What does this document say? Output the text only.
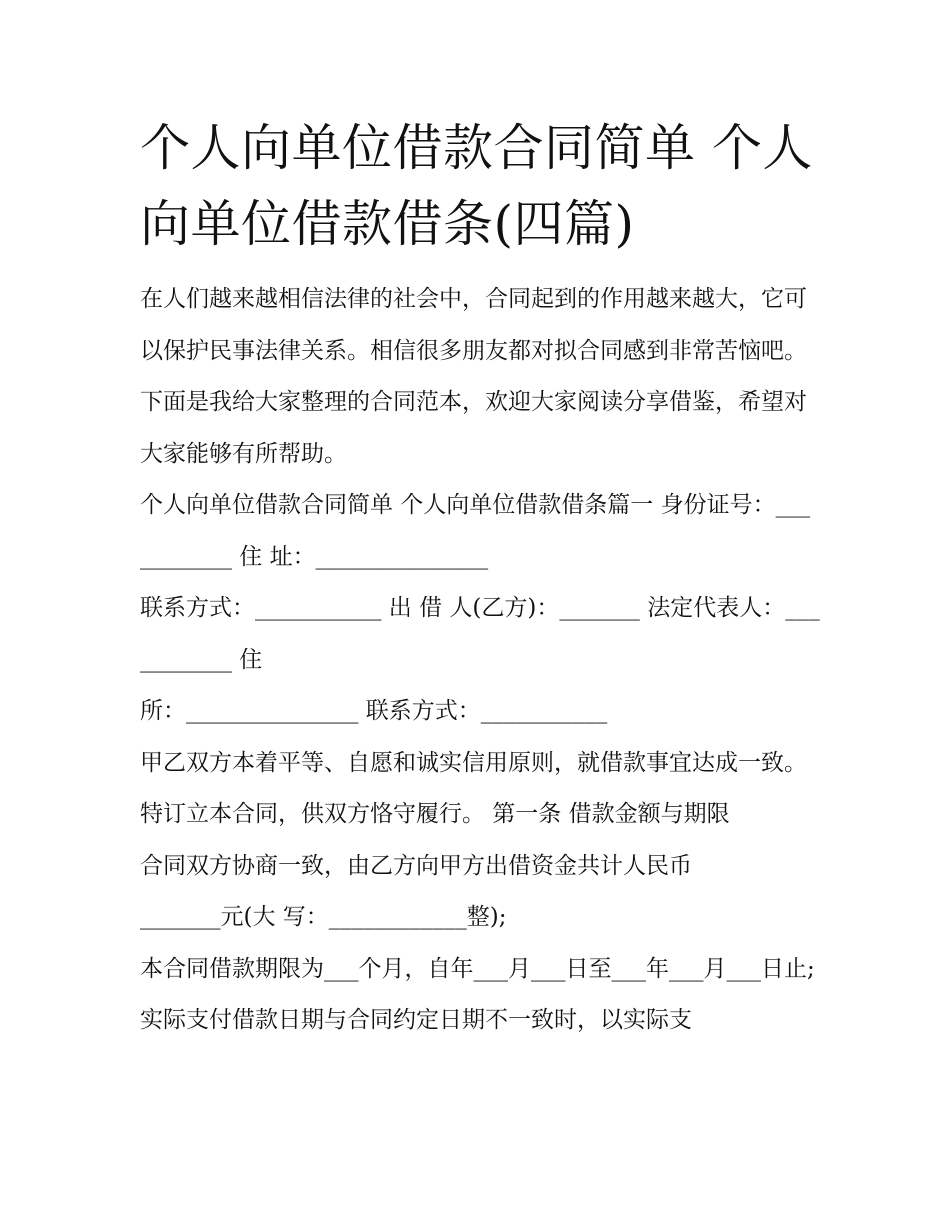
个人向单位借款合同简单 个人向单位借款借条(四篇)

在人们越来越相信法律的社会中，合同起到的作用越来越大，它可以保护民事法律关系。相信很多朋友都对拟合同感到非常苦恼吧。下面是我给大家整理的合同范本，欢迎大家阅读分享借鉴，希望对大家能够有所帮助。

个人向单位借款合同简单 个人向单位借款借条篇一 身份证号：___________ 住 址：_______________

联系方式：___________ 出 借 人(乙方)：_______ 法定代表人：___________ 住

所：_______________ 联系方式：___________

甲乙双方本着平等、自愿和诚实信用原则，就借款事宜达成一致。特订立本合同，供双方恪守履行。 第一条 借款金额与期限

合同双方协商一致，由乙方向甲方出借资金共计人民币

_______元(大 写：____________整);

本合同借款期限为___个月，自年___月___日至___年___月___日止;实际支付借款日期与合同约定日期不一致时，以实际支
